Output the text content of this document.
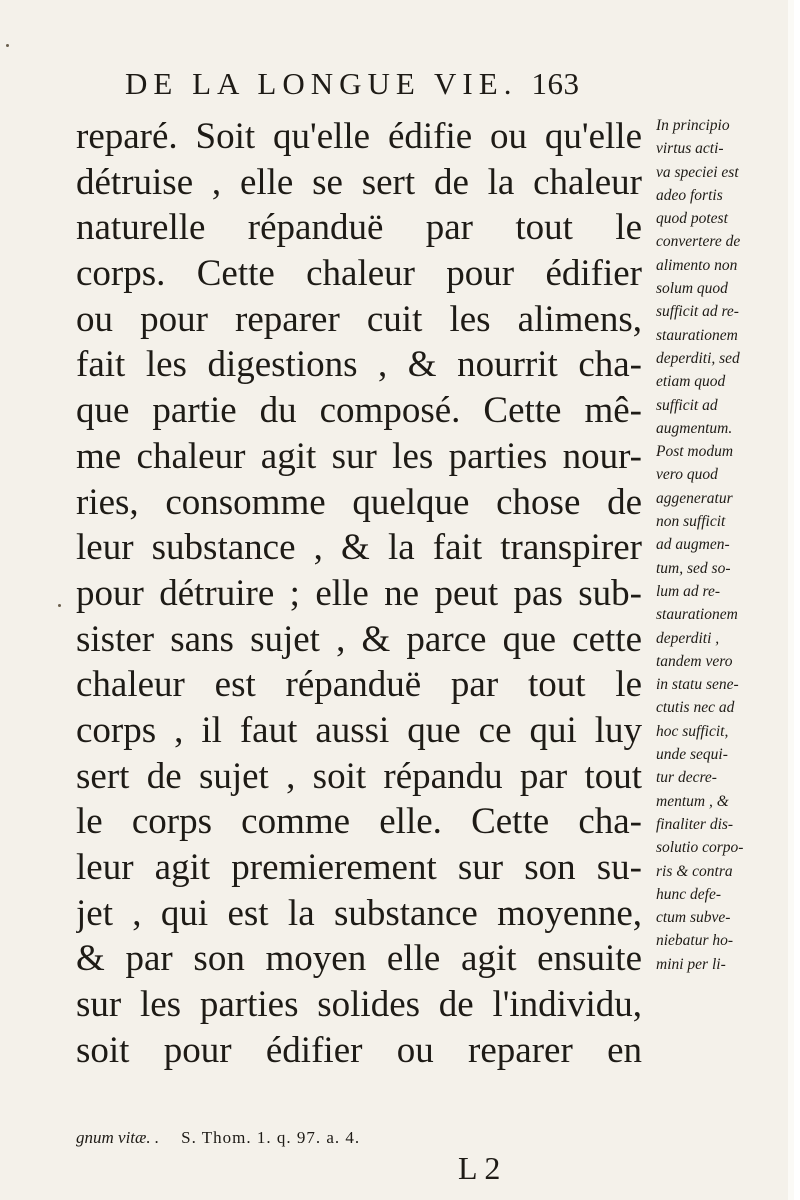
DE LA LONGUE VIE. 163
reparé. Soit qu'elle édifie ou qu'elle
détruise , elle se sert de la chaleur
naturelle répanduë par tout le
corps. Cette chaleur pour édifier
ou pour reparer cuit les alimens,
fait les digestions , & nourrit cha-
que partie du composé. Cette mê-
me chaleur agit sur les parties nour-
ries, consomme quelque chose de
leur substance , & la fait transpirer
pour détruire ; elle ne peut pas sub-
sister sans sujet , & parce que cette
chaleur est répanduë par tout le
corps , il faut aussi que ce qui luy
sert de sujet , soit répandu par tout
le corps comme elle. Cette cha-
leur agit premierement sur son su-
jet , qui est la substance moyenne,
& par son moyen elle agit ensuite
sur les parties solides de l'individu,
soit pour édifier ou reparer en
In principio
virtus acti-
va speciei est
adeo fortis
quod potest
convertere de
alimento non
solum quod
sufficit ad re-
staurationem
deperditi, sed
etiam quod
sufficit ad
augmentum.
Post modum
vero quod
aggeneratur
non sufficit
ad augmen-
tum, sed so-
lum ad re-
staurationem
deperditi ,
tandem vero
in statu sene-
ctutis nec ad
hoc sufficit,
unde sequi-
tur decre-
mentum , &
finaliter dis-
solutio corpo-
ris & contra
hunc defe-
ctum subve-
niebatur ho-
mini per li-
gnum vitæ. . S. Thom. 1. q. 97. a. 4.
L 2
